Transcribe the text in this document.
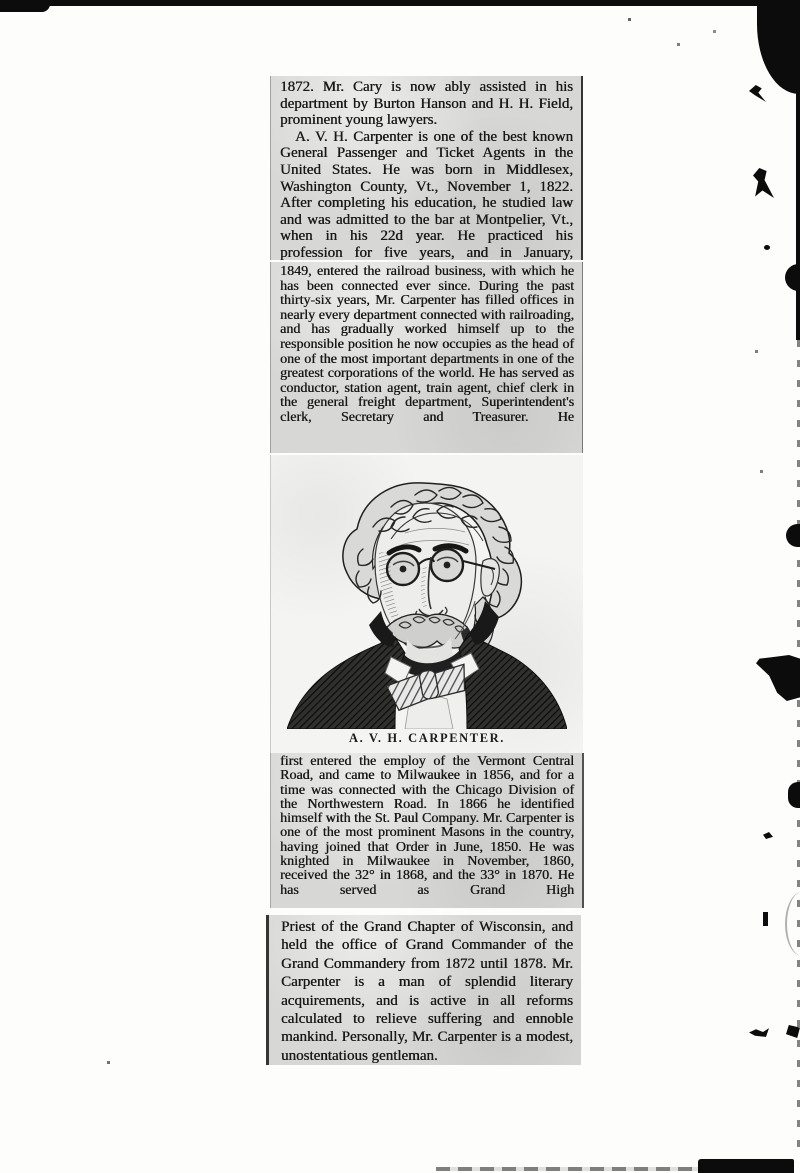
1872. Mr. Cary is now ably assisted in his department by Burton Hanson and H. H. Field, prominent young lawyers.

A. V. H. Carpenter is one of the best known General Passenger and Ticket Agents in the United States. He was born in Middlesex, Washington County, Vt., November 1, 1822. After completing his education, he studied law and was admitted to the bar at Montpelier, Vt., when in his 22d year. He practiced his profession for five years, and in January,

1849, entered the railroad business, with which he has been connected ever since. During the past thirty-six years, Mr. Carpenter has filled offices in nearly every department connected with railroading, and has gradually worked himself up to the responsible position he now occupies as the head of one of the most important departments in one of the greatest corporations of the world. He has served as conductor, station agent, train agent, chief clerk in the general freight department, Superintendent's clerk, Secretary and Treasurer. He

A. V. H. CARPENTER.

first entered the employ of the Vermont Central Road, and came to Milwaukee in 1856, and for a time was connected with the Chicago Division of the Northwestern Road. In 1866 he identified himself with the St. Paul Company. Mr. Carpenter is one of the most prominent Masons in the country, having joined that Order in June, 1850. He was knighted in Milwaukee in November, 1860, received the 32° in 1868, and the 33° in 1870. He has served as Grand High

Priest of the Grand Chapter of Wisconsin, and held the office of Grand Commander of the Grand Commandery from 1872 until 1878. Mr. Carpenter is a man of splendid literary acquirements, and is active in all reforms calculated to relieve suffering and ennoble mankind. Personally, Mr. Carpenter is a modest, unostentatious gentleman.
